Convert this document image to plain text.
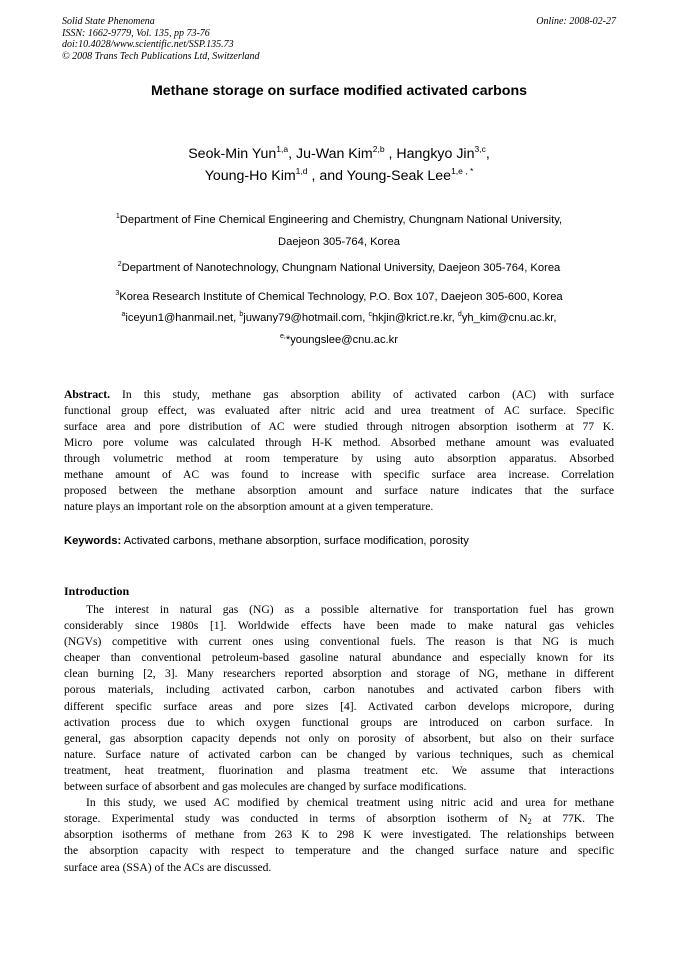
Solid State Phenomena
ISSN: 1662-9779, Vol. 135, pp 73-76
doi:10.4028/www.scientific.net/SSP.135.73
© 2008 Trans Tech Publications Ltd, Switzerland
Online: 2008-02-27
Methane storage on surface modified activated carbons
Seok-Min Yun$^{1,a}$, Ju-Wan Kim$^{2,b}$ , Hangkyo Jin$^{3,c}$,
Young-Ho Kim$^{1,d}$ , and Young-Seak Lee$^{1,e , *}$
$^1$Department of Fine Chemical Engineering and Chemistry, Chungnam National University,
Daejeon 305-764, Korea
$^2$Department of Nanotechnology, Chungnam National University, Daejeon 305-764, Korea
$^3$Korea Research Institute of Chemical Technology, P.O. Box 107, Daejeon 305-600, Korea
$^a$iceyun1@hanmail.net, $^b$juwany79@hotmail.com, $^c$hkjin@krict.re.kr, $^d$yh_kim@cnu.ac.kr,
$^{e,}$*youngslee@cnu.ac.kr
Abstract. In this study, methane gas absorption ability of activated carbon (AC) with surface
functional group effect, was evaluated after nitric acid and urea treatment of AC surface. Specific
surface area and pore distribution of AC were studied through nitrogen absorption isotherm at 77 K.
Micro pore volume was calculated through H-K method. Absorbed methane amount was evaluated
through volumetric method at room temperature by using auto absorption apparatus. Absorbed
methane amount of AC was found to increase with specific surface area increase. Correlation
proposed between the methane absorption amount and surface nature indicates that the surface
nature plays an important role on the absorption amount at a given temperature.
Keywords: Activated carbons, methane absorption, surface modification, porosity
Introduction
The interest in natural gas (NG) as a possible alternative for transportation fuel has grown
considerably since 1980s [1]. Worldwide effects have been made to make natural gas vehicles
(NGVs) competitive with current ones using conventional fuels. The reason is that NG is much
cheaper than conventional petroleum-based gasoline natural abundance and especially known for its
clean burning [2, 3]. Many researchers reported absorption and storage of NG, methane in different
porous materials, including activated carbon, carbon nanotubes and activated carbon fibers with
different specific surface areas and pore sizes [4]. Activated carbon develops micropore, during
activation process due to which oxygen functional groups are introduced on carbon surface. In
general, gas absorption capacity depends not only on porosity of absorbent, but also on their surface
nature. Surface nature of activated carbon can be changed by various techniques, such as chemical
treatment, heat treatment, fluorination and plasma treatment etc. We assume that interactions
between surface of absorbent and gas molecules are changed by surface modifications.
In this study, we used AC modified by chemical treatment using nitric acid and urea for methane
storage. Experimental study was conducted in terms of absorption isotherm of $N_2$ at 77K. The
absorption isotherms of methane from 263 K to 298 K were investigated. The relationships between
the absorption capacity with respect to temperature and the changed surface nature and specific
surface area (SSA) of the ACs are discussed.
